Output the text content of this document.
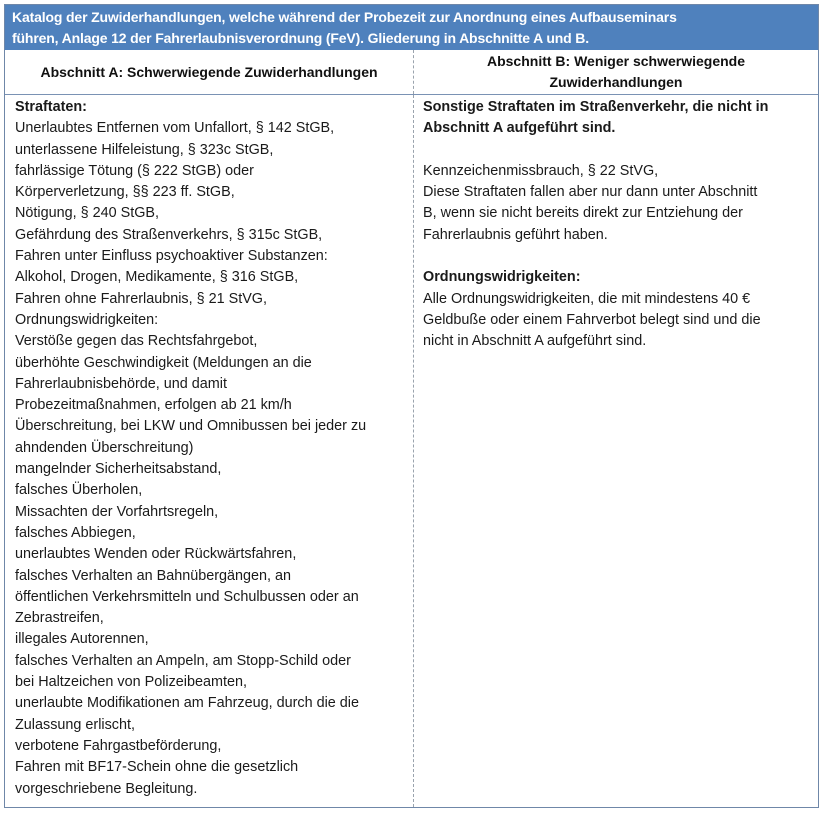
Katalog der Zuwiderhandlungen, welche während der Probezeit zur Anordnung eines Aufbauseminars
führen, Anlage 12 der Fahrerlaubnisverordnung (FeV). Gliederung in Abschnitte A und B.
Abschnitt A: Schwerwiegende Zuwiderhandlungen
Abschnitt B: Weniger schwerwiegende
Zuwiderhandlungen
Straftaten:
Unerlaubtes Entfernen vom Unfallort, § 142 StGB,
unterlassene Hilfeleistung, § 323c StGB,
fahrlässige Tötung (§ 222 StGB) oder
Körperverletzung, §§ 223 ff. StGB,
Nötigung, § 240 StGB,
Gefährdung des Straßenverkehrs, § 315c StGB,
Fahren unter Einfluss psychoaktiver Substanzen:
Alkohol, Drogen, Medikamente, § 316 StGB,
Fahren ohne Fahrerlaubnis, § 21 StVG,
Ordnungswidrigkeiten:
Verstöße gegen das Rechtsfahrgebot,
überhöhte Geschwindigkeit (Meldungen an die
Fahrerlaubnisbehörde, und damit
Probezeitmaßnahmen, erfolgen ab 21 km/h
Überschreitung, bei LKW und Omnibussen bei jeder zu
ahndenden Überschreitung)
mangelnder Sicherheitsabstand,
falsches Überholen,
Missachten der Vorfahrtsregeln,
falsches Abbiegen,
unerlaubtes Wenden oder Rückwärtsfahren,
falsches Verhalten an Bahnübergängen, an
öffentlichen Verkehrsmitteln und Schulbussen oder an
Zebrastreifen,
illegales Autorennen,
falsches Verhalten an Ampeln, am Stopp-Schild oder
bei Haltzeichen von Polizeibeamten,
unerlaubte Modifikationen am Fahrzeug, durch die die
Zulassung erlischt,
verbotene Fahrgastbeförderung,
Fahren mit BF17-Schein ohne die gesetzlich
vorgeschriebene Begleitung.
Sonstige Straftaten im Straßenverkehr, die nicht in
Abschnitt A aufgeführt sind.
Kennzeichenmissbrauch, § 22 StVG,
Diese Straftaten fallen aber nur dann unter Abschnitt
B, wenn sie nicht bereits direkt zur Entziehung der
Fahrerlaubnis geführt haben.
Ordnungswidrigkeiten:
Alle Ordnungswidrigkeiten, die mit mindestens 40 €
Geldbuße oder einem Fahrverbot belegt sind und die
nicht in Abschnitt A aufgeführt sind.
